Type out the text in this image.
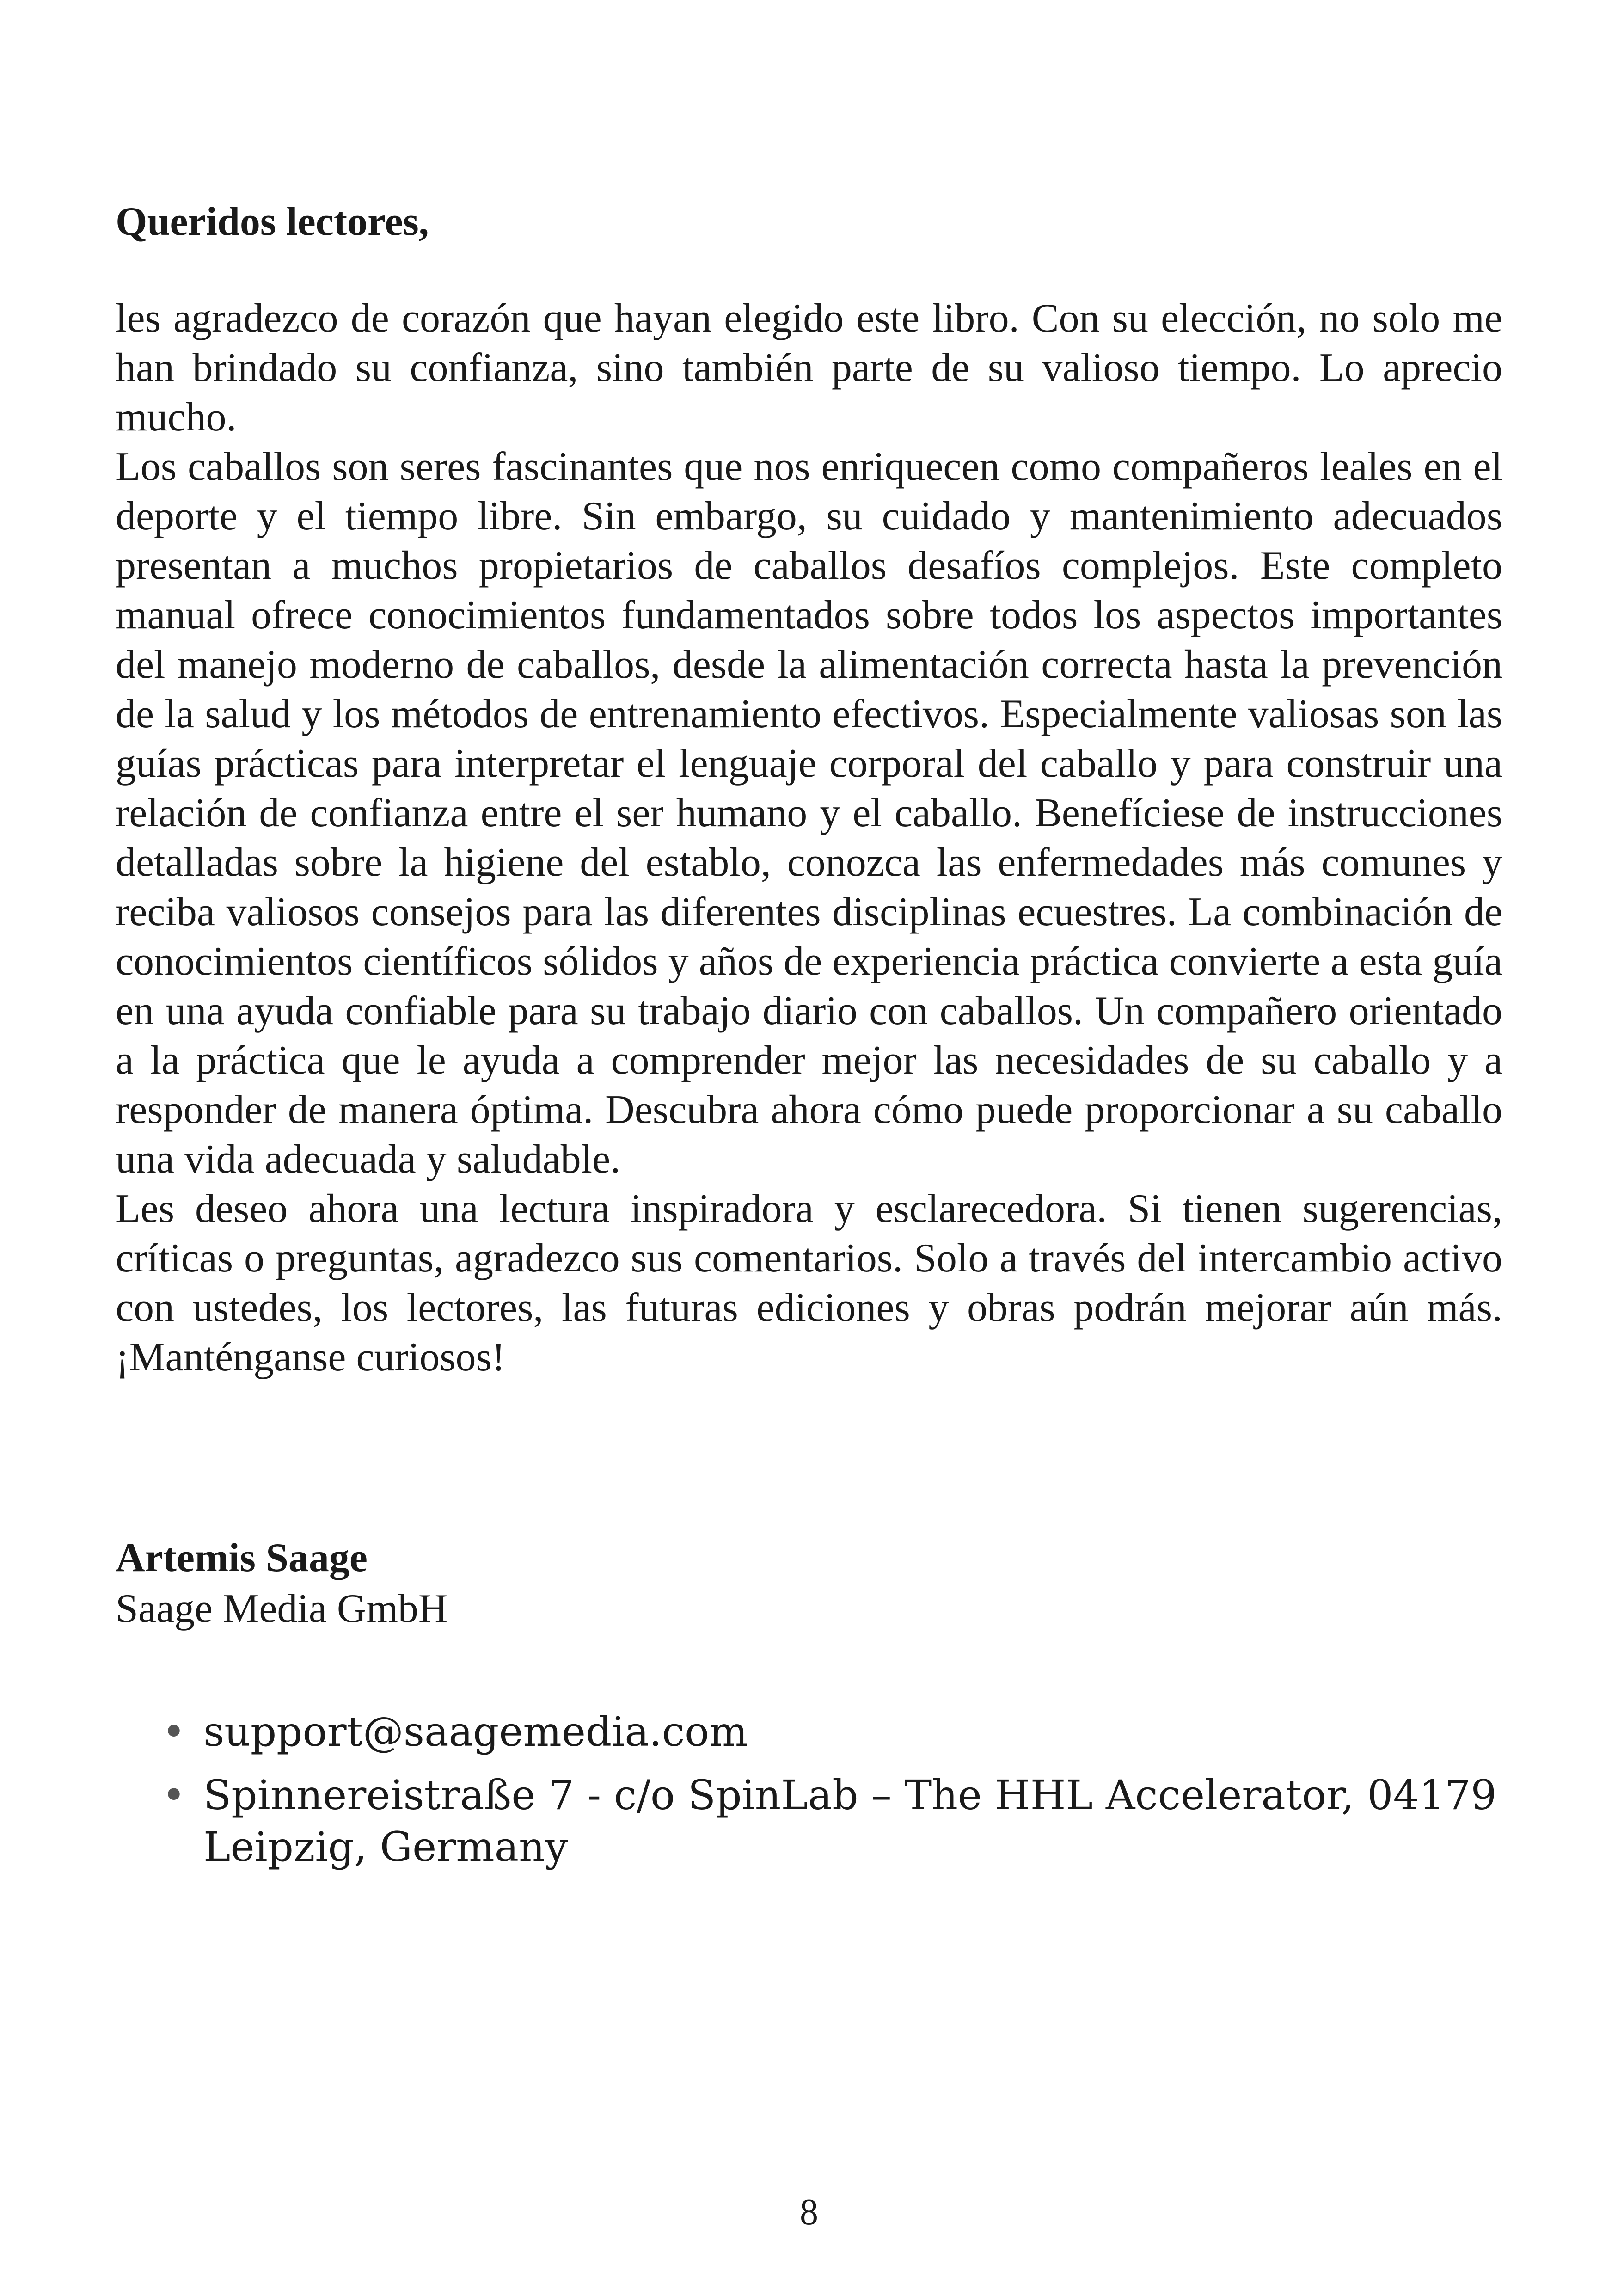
Queridos lectores,

les agradezco de corazón que hayan elegido este libro. Con su elección, no solo me han brindado su confianza, sino también parte de su valioso tiempo. Lo aprecio mucho.

Los caballos son seres fascinantes que nos enriquecen como compañeros leales en el deporte y el tiempo libre. Sin embargo, su cuidado y mantenimiento adecuados presentan a muchos propietarios de caballos desafíos complejos. Este completo manual ofrece conocimientos fundamentados sobre todos los aspectos importantes del manejo moderno de caballos, desde la alimentación correcta hasta la prevención de la salud y los métodos de entrenamiento efectivos. Especialmente valiosas son las guías prácticas para interpretar el lenguaje corporal del caballo y para construir una relación de confianza entre el ser humano y el caballo. Benefíciese de instrucciones detalladas sobre la higiene del establo, conozca las enfermedades más comunes y reciba valiosos consejos para las diferentes disciplinas ecuestres. La combinación de conocimientos científicos sólidos y años de experiencia práctica convierte a esta guía en una ayuda confiable para su trabajo diario con caballos. Un compañero orientado a la práctica que le ayuda a comprender mejor las necesidades de su caballo y a responder de manera óptima. Descubra ahora cómo puede proporcionar a su caballo una vida adecuada y saludable.

Les deseo ahora una lectura inspiradora y esclarecedora. Si tienen sugerencias, críticas o preguntas, agradezco sus comentarios. Solo a través del intercambio activo con ustedes, los lectores, las futuras ediciones y obras podrán mejorar aún más. ¡Manténganse curiosos!

Artemis Saage

Saage Media GmbH

• support@saagemedia.com
• Spinnereistraße 7 - c/o SpinLab – The HHL Accelerator, 04179 Leipzig, Germany
8
